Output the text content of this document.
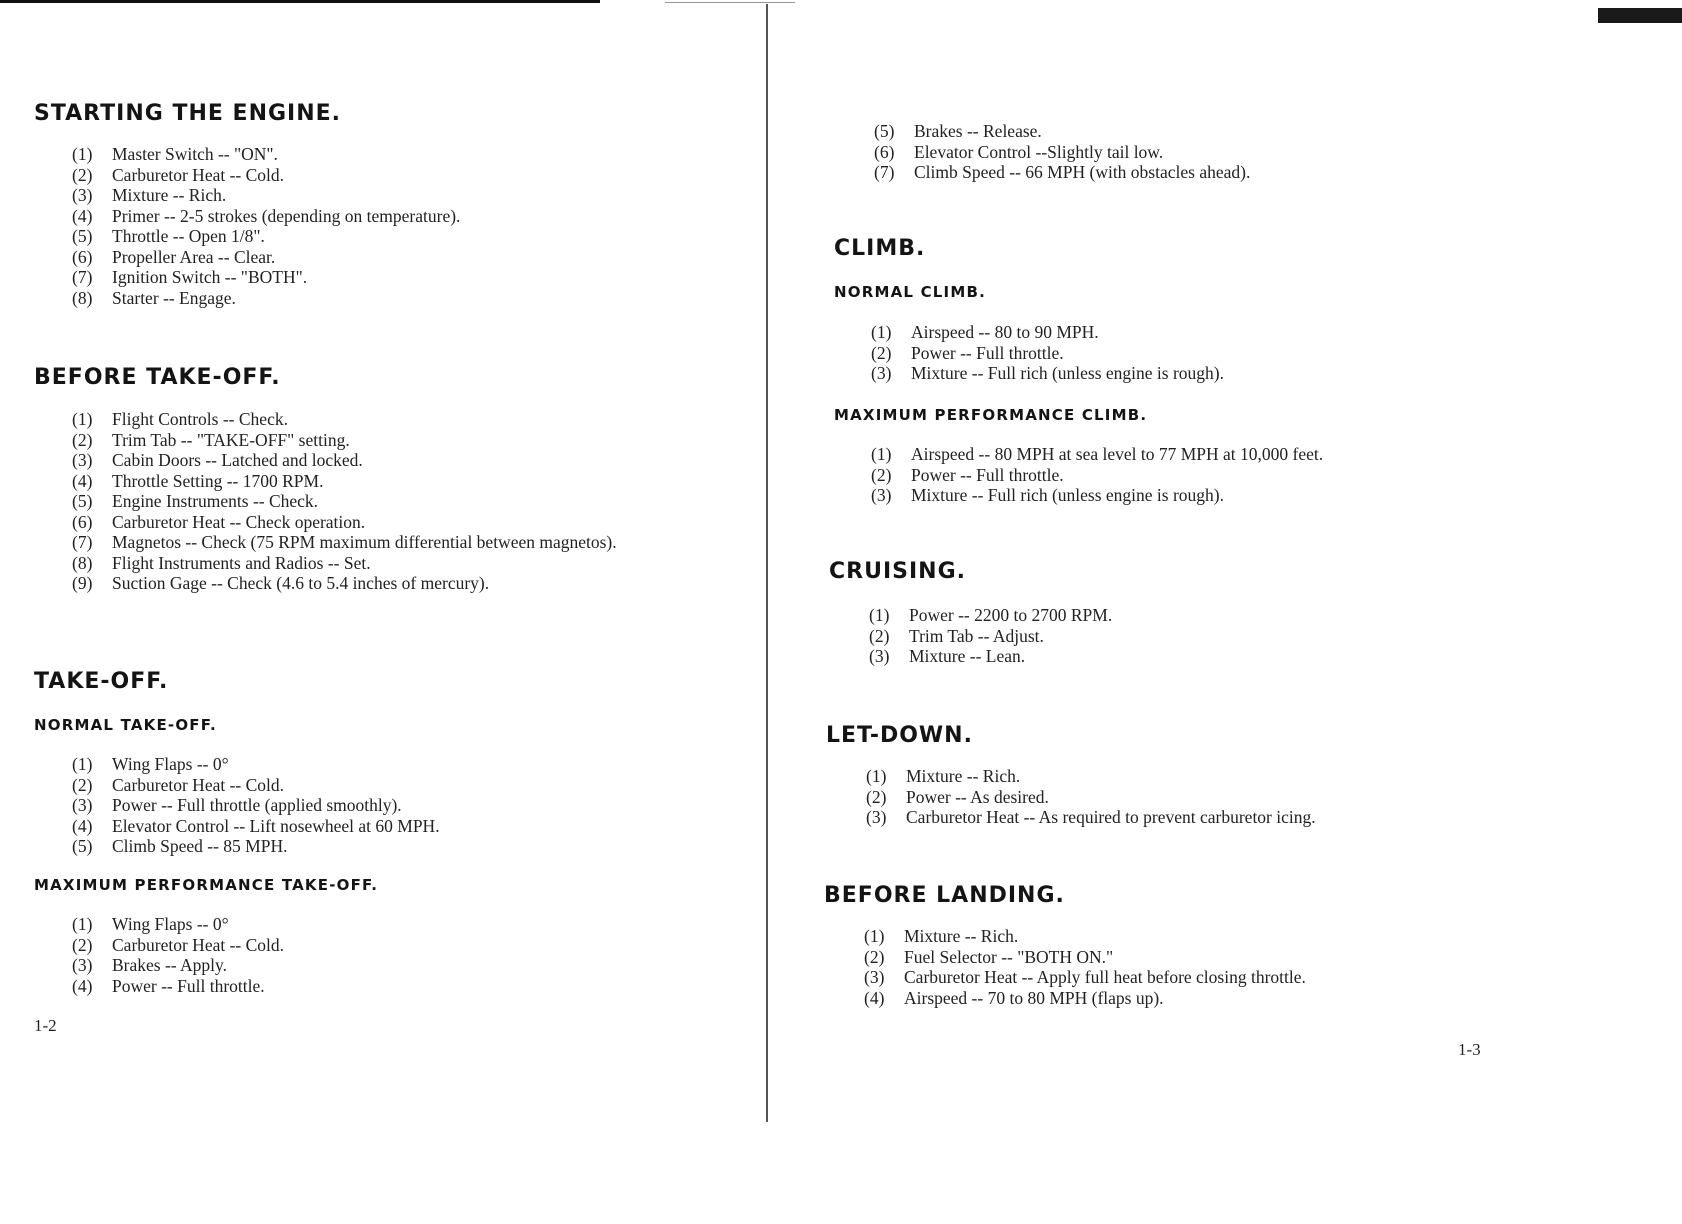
STARTING THE ENGINE.
(1) Master Switch -- "ON".
(2) Carburetor Heat -- Cold.
(3) Mixture -- Rich.
(4) Primer -- 2-5 strokes (depending on temperature).
(5) Throttle -- Open 1/8".
(6) Propeller Area -- Clear.
(7) Ignition Switch -- "BOTH".
(8) Starter -- Engage.
BEFORE TAKE-OFF.
(1) Flight Controls -- Check.
(2) Trim Tab -- "TAKE-OFF" setting.
(3) Cabin Doors -- Latched and locked.
(4) Throttle Setting -- 1700 RPM.
(5) Engine Instruments -- Check.
(6) Carburetor Heat -- Check operation.
(7) Magnetos -- Check (75 RPM maximum differential between magnetos).
(8) Flight Instruments and Radios -- Set.
(9) Suction Gage -- Check (4.6 to 5.4 inches of mercury).
TAKE-OFF.
NORMAL TAKE-OFF.
(1) Wing Flaps -- 0°
(2) Carburetor Heat -- Cold.
(3) Power -- Full throttle (applied smoothly).
(4) Elevator Control -- Lift nosewheel at 60 MPH.
(5) Climb Speed -- 85 MPH.
MAXIMUM PERFORMANCE TAKE-OFF.
(1) Wing Flaps -- 0°
(2) Carburetor Heat -- Cold.
(3) Brakes -- Apply.
(4) Power -- Full throttle.
1-2
(5) Brakes -- Release.
(6) Elevator Control --Slightly tail low.
(7) Climb Speed -- 66 MPH (with obstacles ahead).
CLIMB.
NORMAL CLIMB.
(1) Airspeed -- 80 to 90 MPH.
(2) Power -- Full throttle.
(3) Mixture -- Full rich (unless engine is rough).
MAXIMUM PERFORMANCE CLIMB.
(1) Airspeed -- 80 MPH at sea level to 77 MPH at 10,000 feet.
(2) Power -- Full throttle.
(3) Mixture -- Full rich (unless engine is rough).
CRUISING.
(1) Power -- 2200 to 2700 RPM.
(2) Trim Tab -- Adjust.
(3) Mixture -- Lean.
LET-DOWN.
(1) Mixture -- Rich.
(2) Power -- As desired.
(3) Carburetor Heat -- As required to prevent carburetor icing.
BEFORE LANDING.
(1) Mixture -- Rich.
(2) Fuel Selector -- "BOTH ON."
(3) Carburetor Heat -- Apply full heat before closing throttle.
(4) Airspeed -- 70 to 80 MPH (flaps up).
1-3
